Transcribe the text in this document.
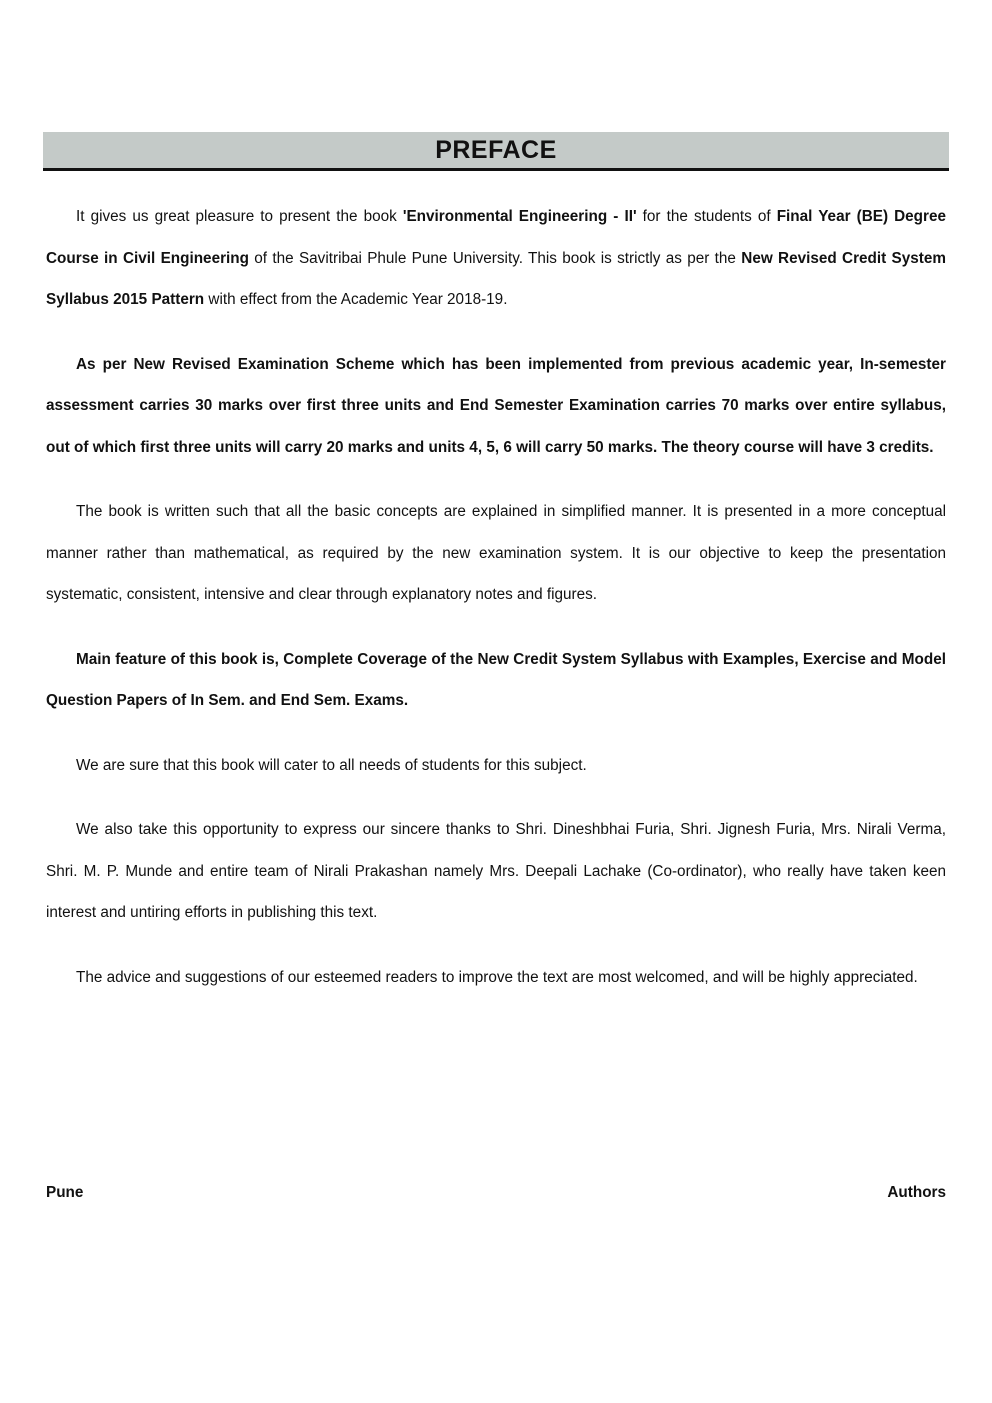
PREFACE

It gives us great pleasure to present the book 'Environmental Engineering - II' for the students of Final Year (BE) Degree Course in Civil Engineering of the Savitribai Phule Pune University. This book is strictly as per the New Revised Credit System Syllabus 2015 Pattern with effect from the Academic Year 2018-19.

As per New Revised Examination Scheme which has been implemented from previous academic year, In-semester assessment carries 30 marks over first three units and End Semester Examination carries 70 marks over entire syllabus, out of which first three units will carry 20 marks and units 4, 5, 6 will carry 50 marks. The theory course will have 3 credits.

The book is written such that all the basic concepts are explained in simplified manner. It is presented in a more conceptual manner rather than mathematical, as required by the new examination system. It is our objective to keep the presentation systematic, consistent, intensive and clear through explanatory notes and figures.

Main feature of this book is, Complete Coverage of the New Credit System Syllabus with Examples, Exercise and Model Question Papers of In Sem. and End Sem. Exams.

We are sure that this book will cater to all needs of students for this subject.

We also take this opportunity to express our sincere thanks to Shri. Dineshbhai Furia, Shri. Jignesh Furia, Mrs. Nirali Verma, Shri. M. P. Munde and entire team of Nirali Prakashan namely Mrs. Deepali Lachake (Co-ordinator), who really have taken keen interest and untiring efforts in publishing this text.

The advice and suggestions of our esteemed readers to improve the text are most welcomed, and will be highly appreciated.

Pune	Authors
